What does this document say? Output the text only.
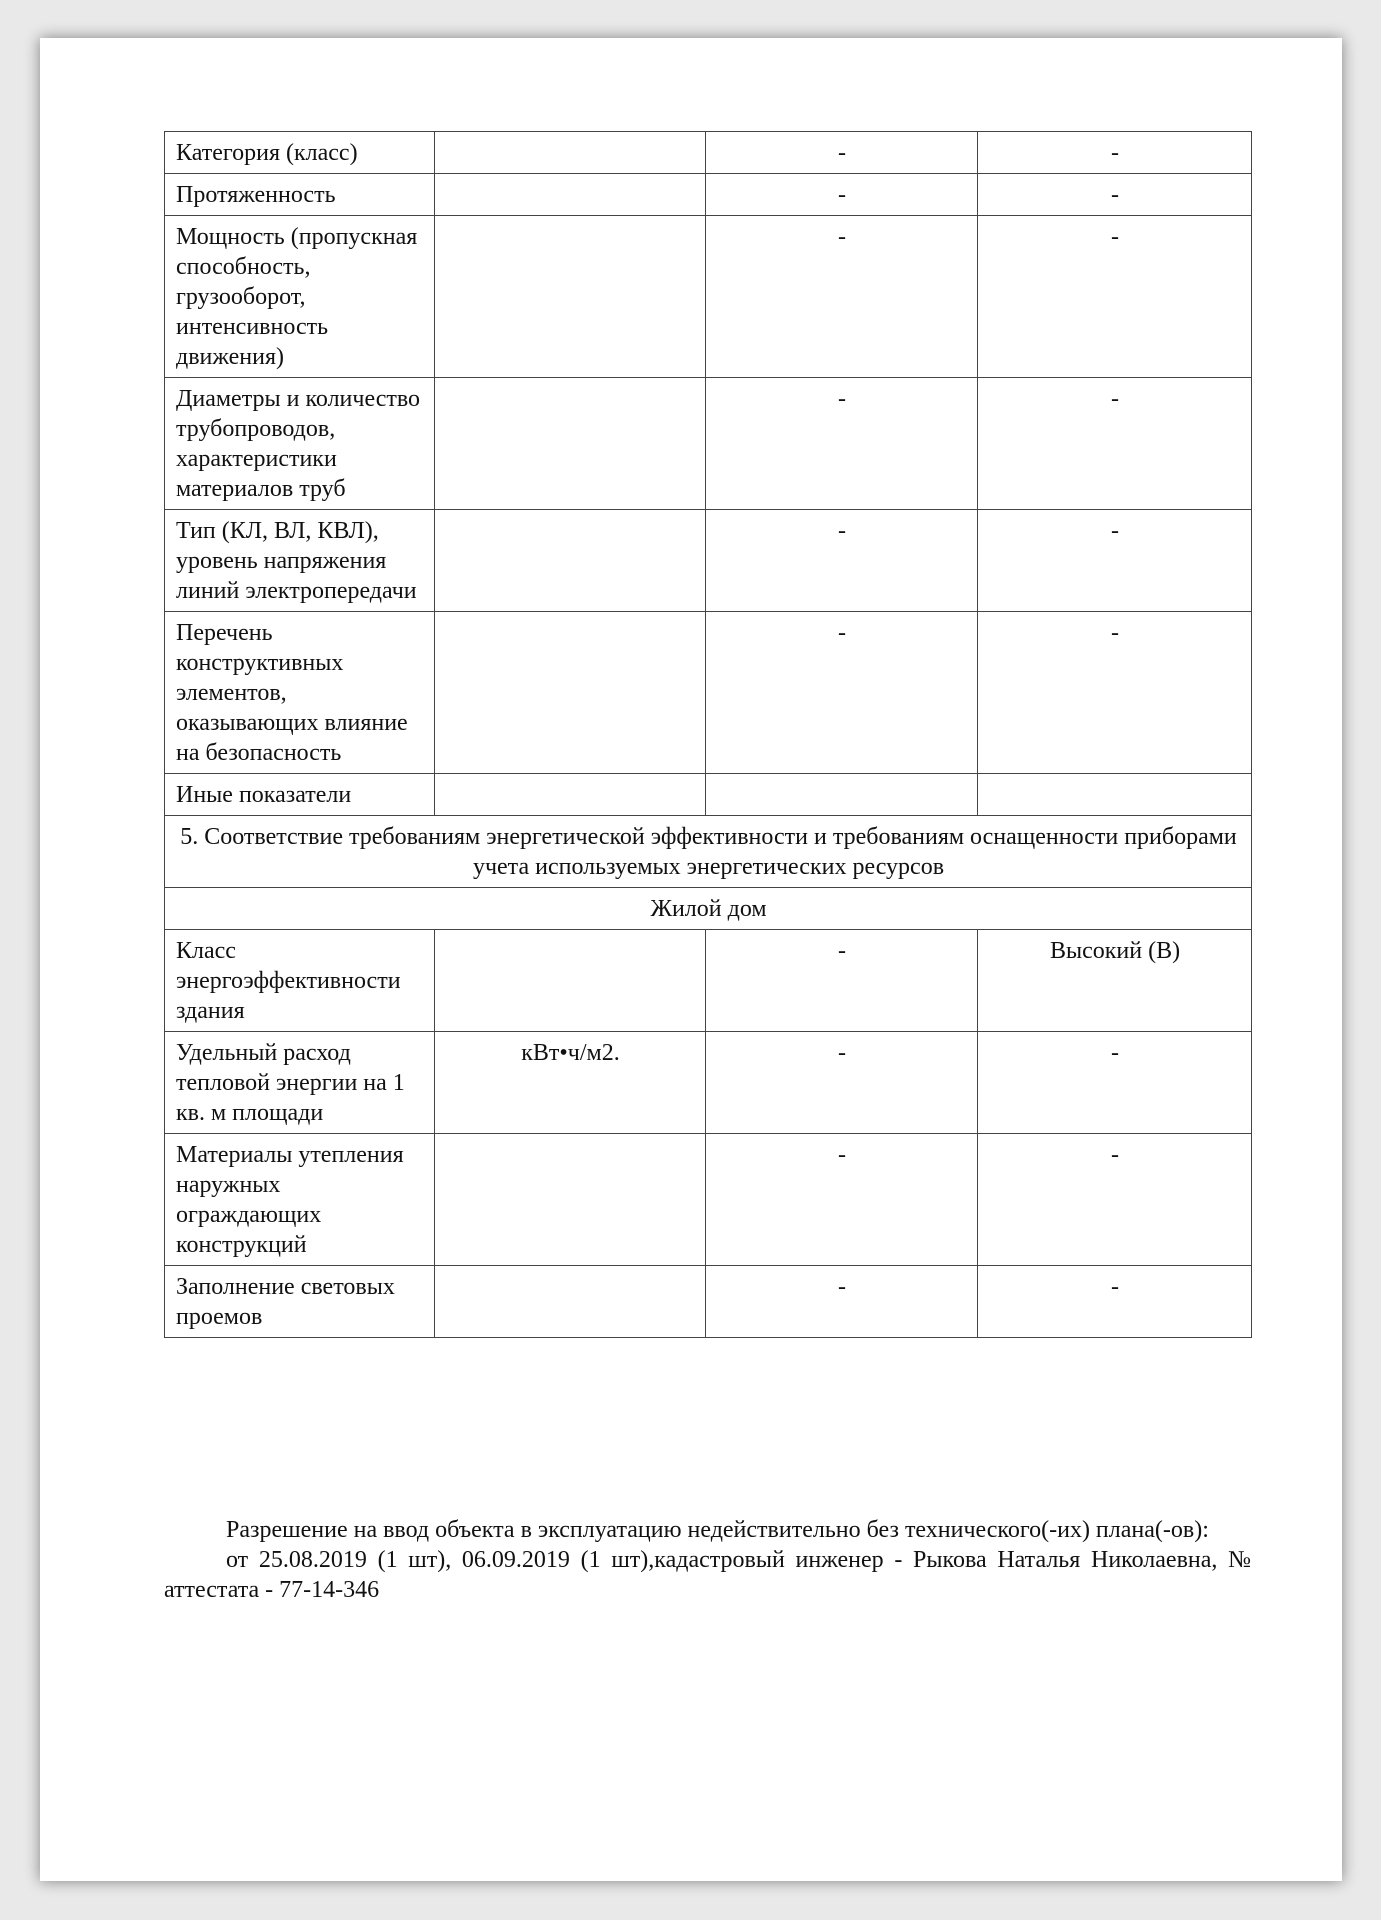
Категория (класс)		-	-
Протяженность		-	-
Мощность (пропускная способность, грузооборот, интенсивность движения)		-	-
Диаметры и количество трубопроводов, характеристики материалов труб		-	-
Тип (КЛ, ВЛ, КВЛ), уровень напряжения линий электропередачи		-	-
Перечень конструктивных элементов, оказывающих влияние на безопасность		-	-
Иные показатели			
5. Соответствие требованиям энергетической эффективности и требованиям оснащенности приборами учета используемых энергетических ресурсов			
Жилой дом			
Класс энергоэффективности здания		-	Высокий (В)
Удельный расход тепловой энергии на 1 кв. м площади	кВт•ч/м2.	-	-
Материалы утепления наружных ограждающих конструкций		-	-
Заполнение световых проемов		-	-

Разрешение на ввод объекта в эксплуатацию недействительно без технического(-их) плана(-ов):

от 25.08.2019 (1 шт), 06.09.2019 (1 шт),кадастровый инженер - Рыкова Наталья Николаевна, № аттестата - 77-14-346
